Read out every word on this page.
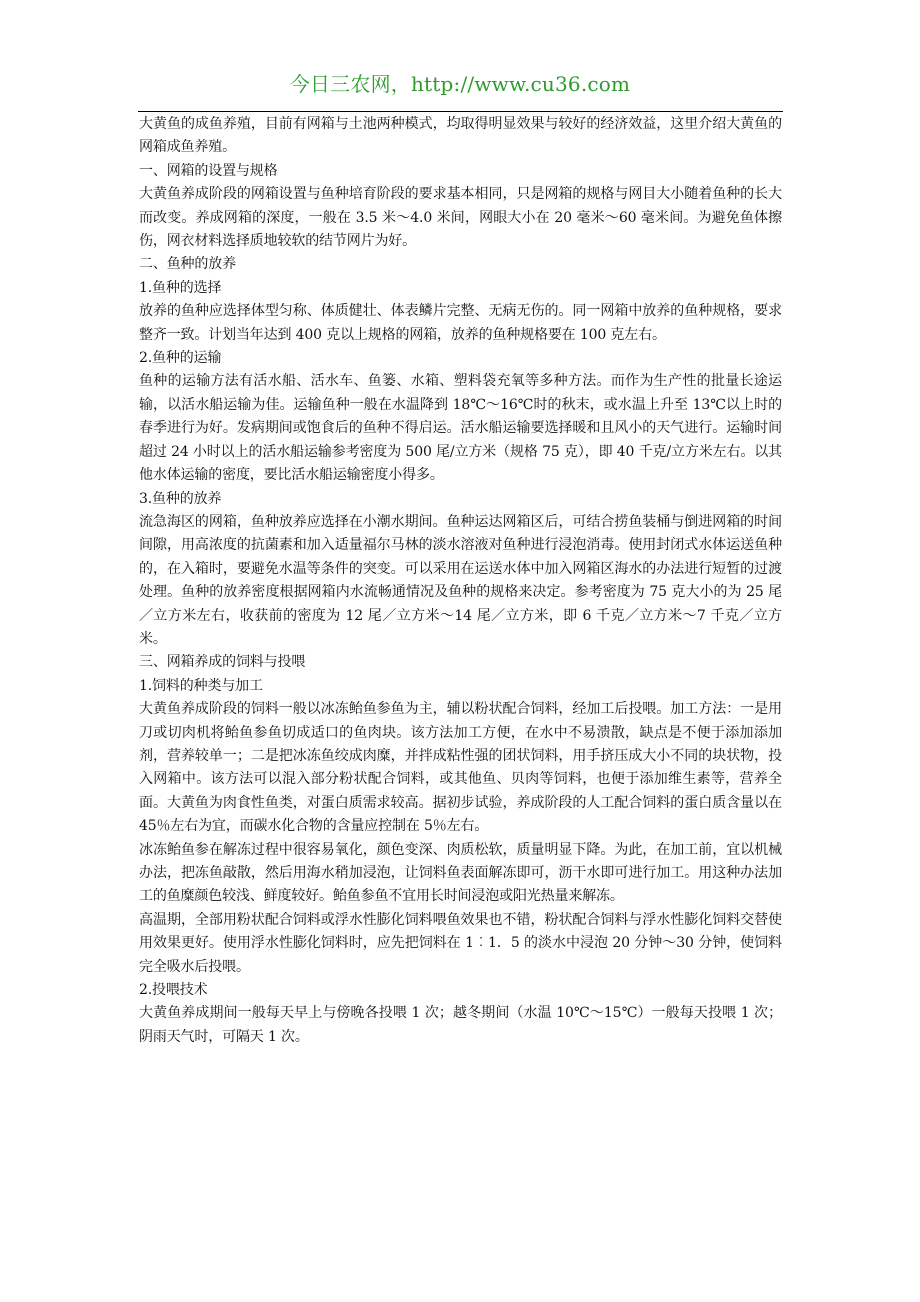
今日三农网，http://www.cu36.com

大黄鱼的成鱼养殖，目前有网箱与土池两种模式，均取得明显效果与较好的经济效益，这里介绍大黄鱼的网箱成鱼养殖。

一、网箱的设置与规格

大黄鱼养成阶段的网箱设置与鱼种培育阶段的要求基本相同，只是网箱的规格与网目大小随着鱼种的长大而改变。养成网箱的深度，一般在 3.5 米～4.0 米间，网眼大小在 20 毫米～60 毫米间。为避免鱼体擦伤，网衣材料选择质地较软的结节网片为好。

二、鱼种的放养

1.鱼种的选择

放养的鱼种应选择体型匀称、体质健壮、体表鳞片完整、无病无伤的。同一网箱中放养的鱼种规格，要求整齐一致。计划当年达到 400 克以上规格的网箱，放养的鱼种规格要在 100 克左右。

2.鱼种的运输

鱼种的运输方法有活水船、活水车、鱼篓、水箱、塑料袋充氧等多种方法。而作为生产性的批量长途运输，以活水船运输为佳。运输鱼种一般在水温降到 18℃～16℃时的秋末，或水温上升至 13℃以上时的春季进行为好。发病期间或饱食后的鱼种不得启运。活水船运输要选择暖和且风小的天气进行。运输时间超过 24 小时以上的活水船运输参考密度为 500 尾/立方米（规格 75 克），即 40 千克/立方米左右。以其他水体运输的密度，要比活水船运输密度小得多。

3.鱼种的放养

流急海区的网箱，鱼种放养应选择在小潮水期间。鱼种运达网箱区后，可结合捞鱼装桶与倒进网箱的时间间隙，用高浓度的抗菌素和加入适量福尔马林的淡水溶液对鱼种进行浸泡消毒。使用封闭式水体运送鱼种的，在入箱时，要避免水温等条件的突变。可以采用在运送水体中加入网箱区海水的办法进行短暂的过渡处理。鱼种的放养密度根据网箱内水流畅通情况及鱼种的规格来决定。参考密度为 75 克大小的为 25 尾／立方米左右，收获前的密度为 12 尾／立方米～14 尾／立方米，即 6 千克／立方米～7 千克／立方米。

三、网箱养成的饲料与投喂

1.饲料的种类与加工

大黄鱼养成阶段的饲料一般以冰冻鲐鱼参鱼为主，辅以粉状配合饲料，经加工后投喂。加工方法：一是用刀或切肉机将鲐鱼参鱼切成适口的鱼肉块。该方法加工方便，在水中不易溃散，缺点是不便于添加添加剂，营养较单一；二是把冰冻鱼绞成肉糜，并拌成粘性强的团状饲料，用手挤压成大小不同的块状物，投入网箱中。该方法可以混入部分粉状配合饲料，或其他鱼、贝肉等饲料，也便于添加维生素等，营养全面。大黄鱼为肉食性鱼类，对蛋白质需求较高。据初步试验，养成阶段的人工配合饲料的蛋白质含量以在 45％左右为宜，而碳水化合物的含量应控制在 5％左右。

冰冻鲐鱼参在解冻过程中很容易氧化，颜色变深、肉质松软，质量明显下降。为此，在加工前，宜以机械办法，把冻鱼敲散，然后用海水稍加浸泡，让饲料鱼表面解冻即可，沥干水即可进行加工。用这种办法加工的鱼糜颜色较浅、鲜度较好。鲐鱼参鱼不宜用长时间浸泡或阳光热量来解冻。

高温期，全部用粉状配合饲料或浮水性膨化饲料喂鱼效果也不错，粉状配合饲料与浮水性膨化饲料交替使用效果更好。使用浮水性膨化饲料时，应先把饲料在 1︰1．5 的淡水中浸泡 20 分钟～30 分钟，使饲料完全吸水后投喂。

2.投喂技术

大黄鱼养成期间一般每天早上与傍晚各投喂 1 次；越冬期间（水温 10℃～15℃）一般每天投喂 1 次；阴雨天气时，可隔天 1 次。
